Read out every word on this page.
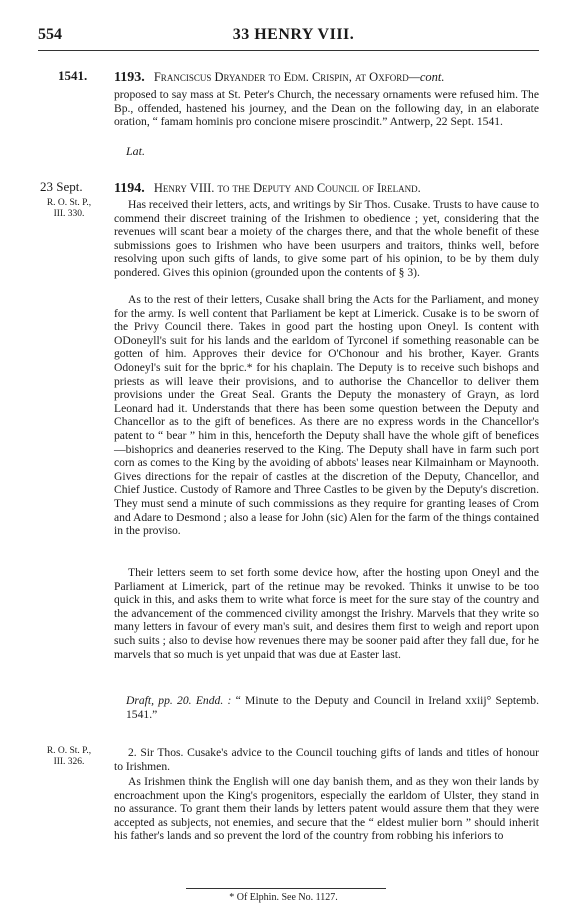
554	33 HENRY VIII.
1541.	1193. Franciscus Dryander to Edm. Crispin, at Oxford—cont.
proposed to say mass at St. Peter's Church, the necessary ornaments were refused him. The Bp., offended, hastened his journey, and the Dean on the following day, in an elaborate oration, “ famam hominis pro concione misere proscindit.” Antwerp, 22 Sept. 1541.
Lat.
23 Sept.	1194. Henry VIII. to the Deputy and Council of Ireland.
R. O. St. P., III. 330.
Has received their letters, acts, and writings by Sir Thos. Cusake. Trusts to have cause to commend their discreet training of the Irishmen to obedience ; yet, considering that the revenues will scant bear a moiety of the charges there, and that the whole benefit of these submissions goes to Irishmen who have been usurpers and traitors, thinks well, before resolving upon such gifts of lands, to give some part of his opinion, to be by them duly pondered. Gives this opinion (grounded upon the contents of § 3).
As to the rest of their letters, Cusake shall bring the Acts for the Parliament, and money for the army. Is well content that Parliament be kept at Limerick. Cusake is to be sworn of the Privy Council there. Takes in good part the hosting upon Oneyl. Is content with ODoneyll's suit for his lands and the earldom of Tyrconel if something reasonable can be gotten of him. Approves their device for O'Chonour and his brother, Kayer. Grants Odoneyl's suit for the bpric.* for his chaplain. The Deputy is to receive such bishops and priests as will leave their provisions, and to authorise the Chancellor to deliver them provisions under the Great Seal. Grants the Deputy the monastery of Grayn, as lord Leonard had it. Understands that there has been some question between the Deputy and Chancellor as to the gift of benefices. As there are no express words in the Chancellor's patent to “ bear ” him in this, henceforth the Deputy shall have the whole gift of benefices—bishoprics and deaneries reserved to the King. The Deputy shall have in farm such port corn as comes to the King by the avoiding of abbots' leases near Kilmainham or Maynooth. Gives directions for the repair of castles at the discretion of the Deputy, Chancellor, and Chief Justice. Custody of Ramore and Three Castles to be given by the Deputy's discretion. They must send a minute of such commissions as they require for granting leases of Crom and Adare to Desmond ; also a lease for John (sic) Alen for the farm of the things contained in the proviso.
Their letters seem to set forth some device how, after the hosting upon Oneyl and the Parliament at Limerick, part of the retinue may be revoked. Thinks it unwise to be too quick in this, and asks them to write what force is meet for the sure stay of the country and the advancement of the commenced civility amongst the Irishry. Marvels that they write so many letters in favour of every man's suit, and desires them first to weigh and report upon such suits ; also to devise how revenues there may be sooner paid after they fall due, for he marvels that so much is yet unpaid that was due at Easter last.
Draft, pp. 20. Endd. : “ Minute to the Deputy and Council in Ireland xxiij° Septemb. 1541.”
R. O. St. P., III. 326.
2. Sir Thos. Cusake's advice to the Council touching gifts of lands and titles of honour to Irishmen.
As Irishmen think the English will one day banish them, and as they won their lands by encroachment upon the King's progenitors, especially the earldom of Ulster, they stand in no assurance. To grant them their lands by letters patent would assure them that they were accepted as subjects, not enemies, and secure that the “ eldest mulier born ” should inherit his father's lands and so prevent the lord of the country from robbing his inferiors to
* Of Elphin. See No. 1127.
